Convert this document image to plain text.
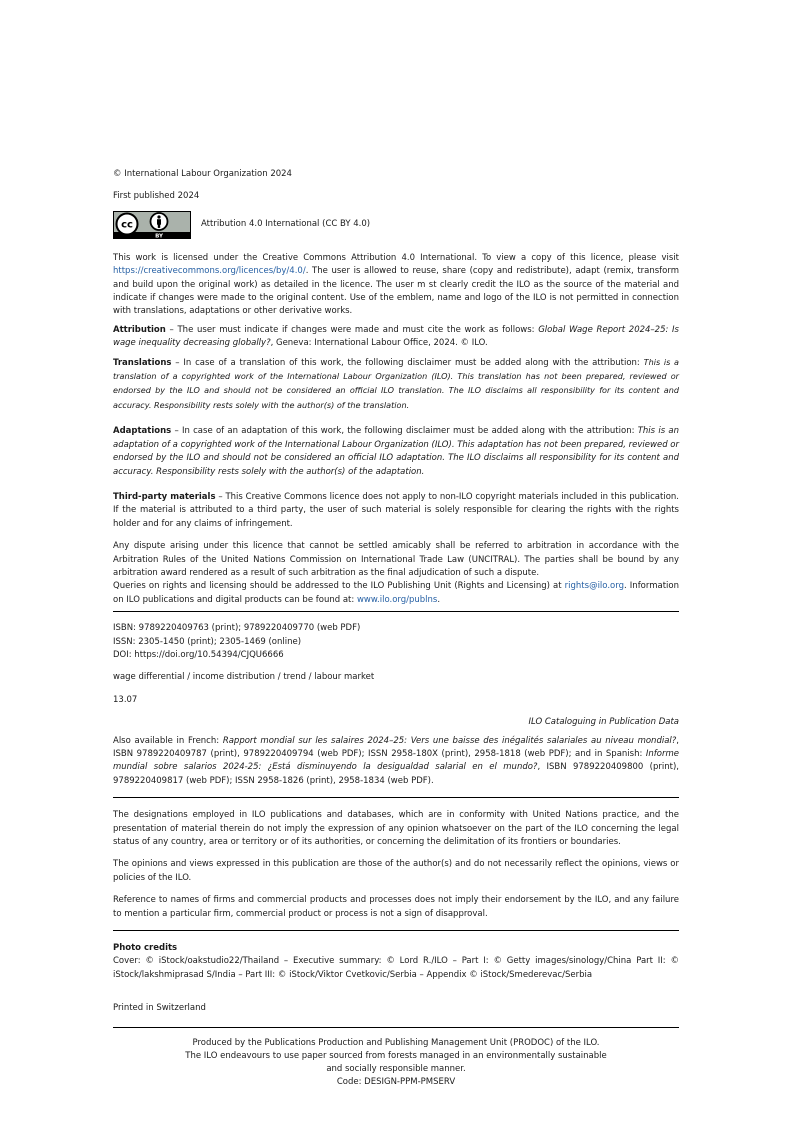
© International Labour Organization 2024

First published 2024

cc
BY
Attribution 4.0 International (CC BY 4.0)

This work is licensed under the Creative Commons Attribution 4.0 International. To view a copy of this licence, please visit https://creativecommons.org/licences/by/4.0/. The user is allowed to reuse, share (copy and redistribute), adapt (remix, transform and build upon the original work) as detailed in the licence. The user m st clearly credit the ILO as the source of the material and indicate if changes were made to the original content. Use of the emblem, name and logo of the ILO is not permitted in connection with translations, adaptations or other derivative works.

Attribution – The user must indicate if changes were made and must cite the work as follows: Global Wage Report 2024–25: Is wage inequality decreasing globally?, Geneva: International Labour Office, 2024. © ILO.

Translations – In case of a translation of this work, the following disclaimer must be added along with the attribution: This is a translation of a copyrighted work of the International Labour Organization (ILO). This translation has not been prepared, reviewed or endorsed by the ILO and should not be considered an official ILO translation. The ILO disclaims all responsibility for its content and accuracy. Responsibility rests solely with the author(s) of the translation.

Adaptations – In case of an adaptation of this work, the following disclaimer must be added along with the attribution: This is an adaptation of a copyrighted work of the International Labour Organization (ILO). This adaptation has not been prepared, reviewed or endorsed by the ILO and should not be considered an official ILO adaptation. The ILO disclaims all responsibility for its content and accuracy. Responsibility rests solely with the author(s) of the adaptation.

Third-party materials – This Creative Commons licence does not apply to non-ILO copyright materials included in this publication. If the material is attributed to a third party, the user of such material is solely responsible for clearing the rights with the rights holder and for any claims of infringement.

Any dispute arising under this licence that cannot be settled amicably shall be referred to arbitration in accordance with the Arbitration Rules of the United Nations Commission on International Trade Law (UNCITRAL). The parties shall be bound by any arbitration award rendered as a result of such arbitration as the final adjudication of such a dispute.

Queries on rights and licensing should be addressed to the ILO Publishing Unit (Rights and Licensing) at rights@ilo.org. Information on ILO publications and digital products can be found at: www.ilo.org/publns.

ISBN: 9789220409763 (print); 9789220409770 (web PDF)

ISSN: 2305-1450 (print); 2305-1469 (online)

DOI: https://doi.org/10.54394/CJQU6666

wage differential / income distribution / trend / labour market

13.07

ILO Cataloguing in Publication Data

Also available in French: Rapport mondial sur les salaires 2024–25: Vers une baisse des inégalités salariales au niveau mondial?, ISBN 9789220409787 (print), 9789220409794 (web PDF); ISSN 2958-180X (print), 2958-1818 (web PDF); and in Spanish: Informe mundial sobre salarios 2024-25: ¿Está disminuyendo la desigualdad salarial en el mundo?, ISBN 9789220409800 (print), 9789220409817 (web PDF); ISSN 2958-1826 (print), 2958-1834 (web PDF).

The designations employed in ILO publications and databases, which are in conformity with United Nations practice, and the presentation of material therein do not imply the expression of any opinion whatsoever on the part of the ILO concerning the legal status of any country, area or territory or of its authorities, or concerning the delimitation of its frontiers or boundaries.

The opinions and views expressed in this publication are those of the author(s) and do not necessarily reflect the opinions, views or policies of the ILO.

Reference to names of firms and commercial products and processes does not imply their endorsement by the ILO, and any failure to mention a particular firm, commercial product or process is not a sign of disapproval.

Photo credits

Cover: © iStock/oakstudio22/Thailand – Executive summary: © Lord R./ILO – Part I: © Getty images/sinology/China Part II: © iStock/lakshmiprasad S/India – Part III: © iStock/Viktor Cvetkovic/Serbia – Appendix © iStock/Smederevac/Serbia

Printed in Switzerland

Produced by the Publications Production and Publishing Management Unit (PRODOC) of the ILO.

The ILO endeavours to use paper sourced from forests managed in an environmentally sustainable

and socially responsible manner.

Code: DESIGN-PPM-PMSERV
